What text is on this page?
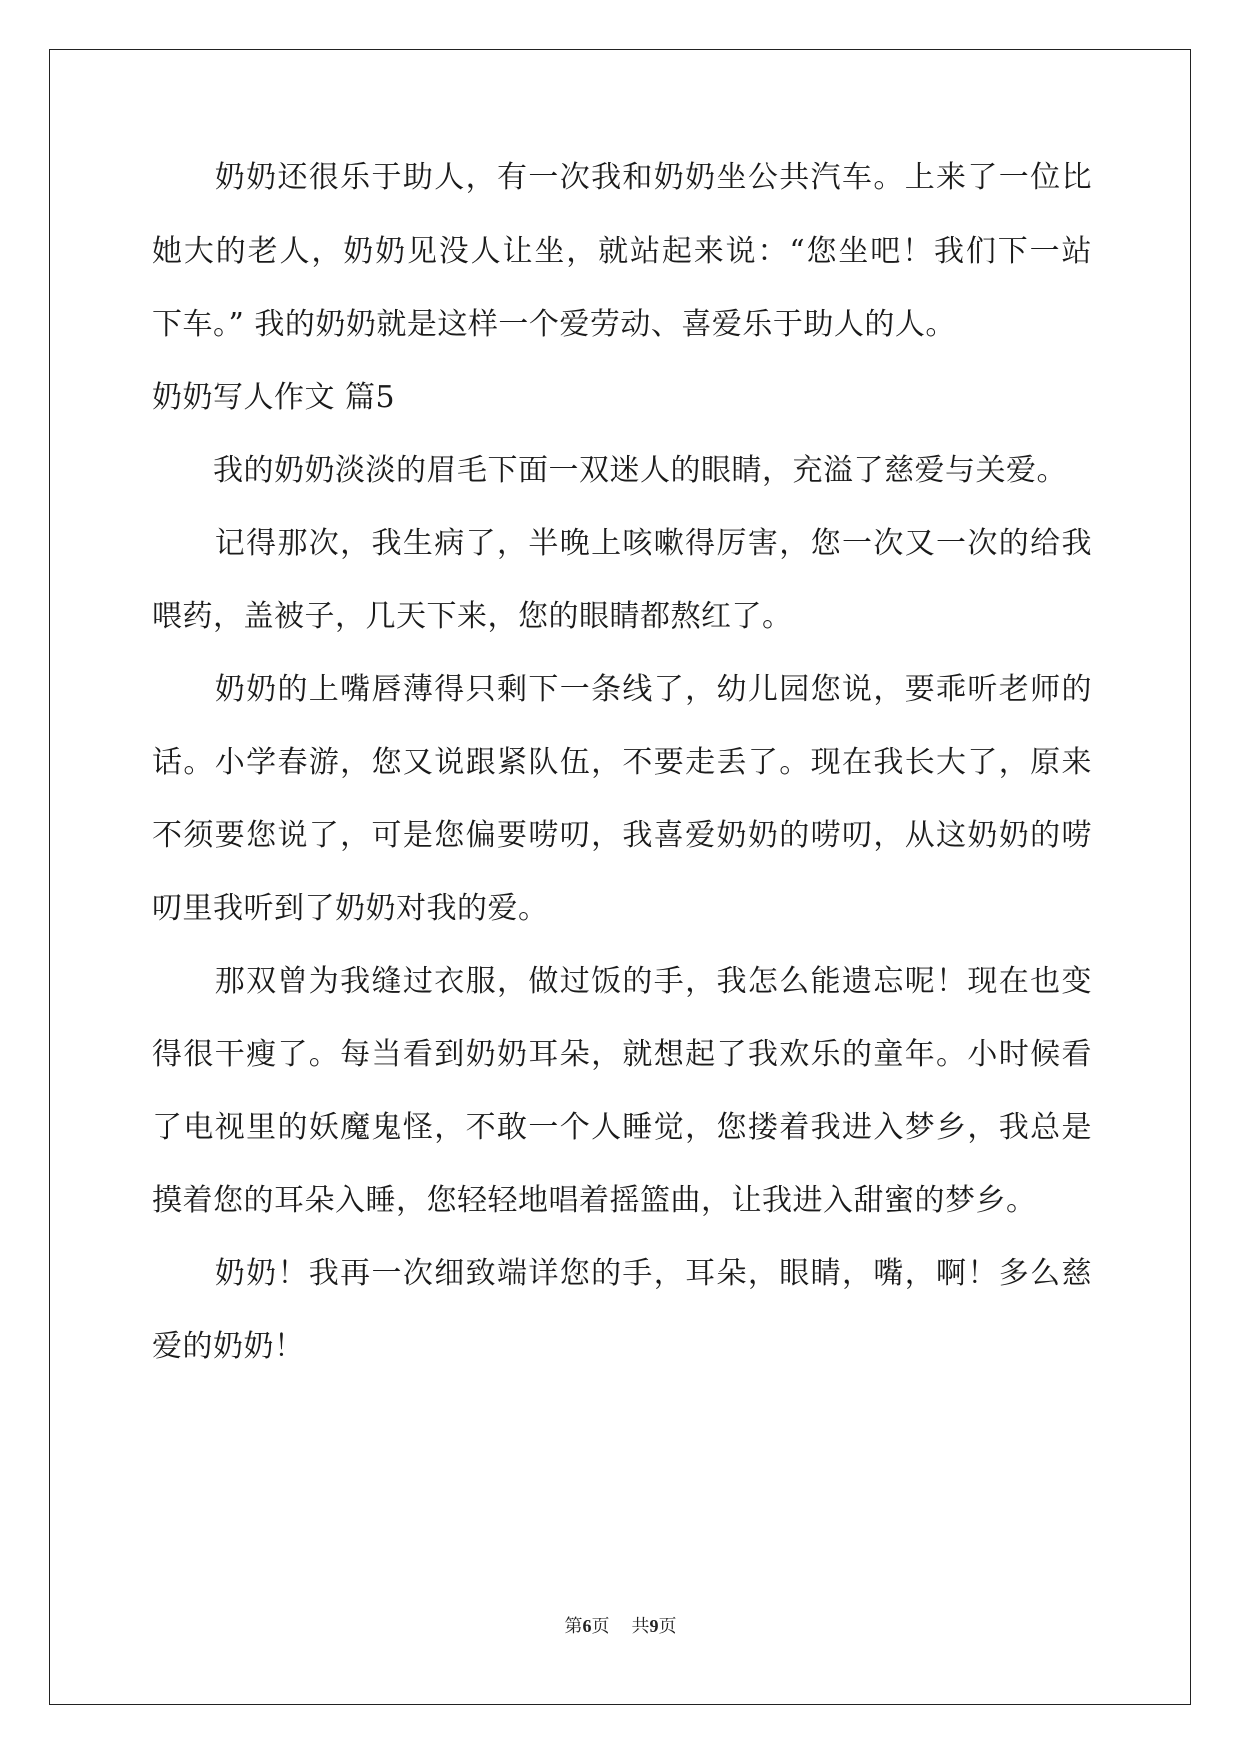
　　奶奶还很乐于助人，有一次我和奶奶坐公共汽车。上来了一位比
她大的老人，奶奶见没人让坐，就站起来说：“您坐吧！我们下一站
下车。” 我的奶奶就是这样一个爱劳动、喜爱乐于助人的人。
奶奶写人作文 篇5
　　我的奶奶淡淡的眉毛下面一双迷人的眼睛，充溢了慈爱与关爱。
　　记得那次，我生病了，半晚上咳嗽得厉害，您一次又一次的给我
喂药，盖被子，几天下来，您的眼睛都熬红了。
　　奶奶的上嘴唇薄得只剩下一条线了，幼儿园您说，要乖听老师的
话。小学春游，您又说跟紧队伍，不要走丢了。现在我长大了，原来
不须要您说了，可是您偏要唠叨，我喜爱奶奶的唠叨，从这奶奶的唠
叨里我听到了奶奶对我的爱。
　　那双曾为我缝过衣服，做过饭的手，我怎么能遗忘呢！现在也变
得很干瘦了。每当看到奶奶耳朵，就想起了我欢乐的童年。小时候看
了电视里的妖魔鬼怪，不敢一个人睡觉，您搂着我进入梦乡，我总是
摸着您的耳朵入睡，您轻轻地唱着摇篮曲，让我进入甜蜜的梦乡。
　　奶奶！我再一次细致端详您的手，耳朵，眼睛，嘴，啊！多么慈
爱的奶奶！
第6页 共9页
